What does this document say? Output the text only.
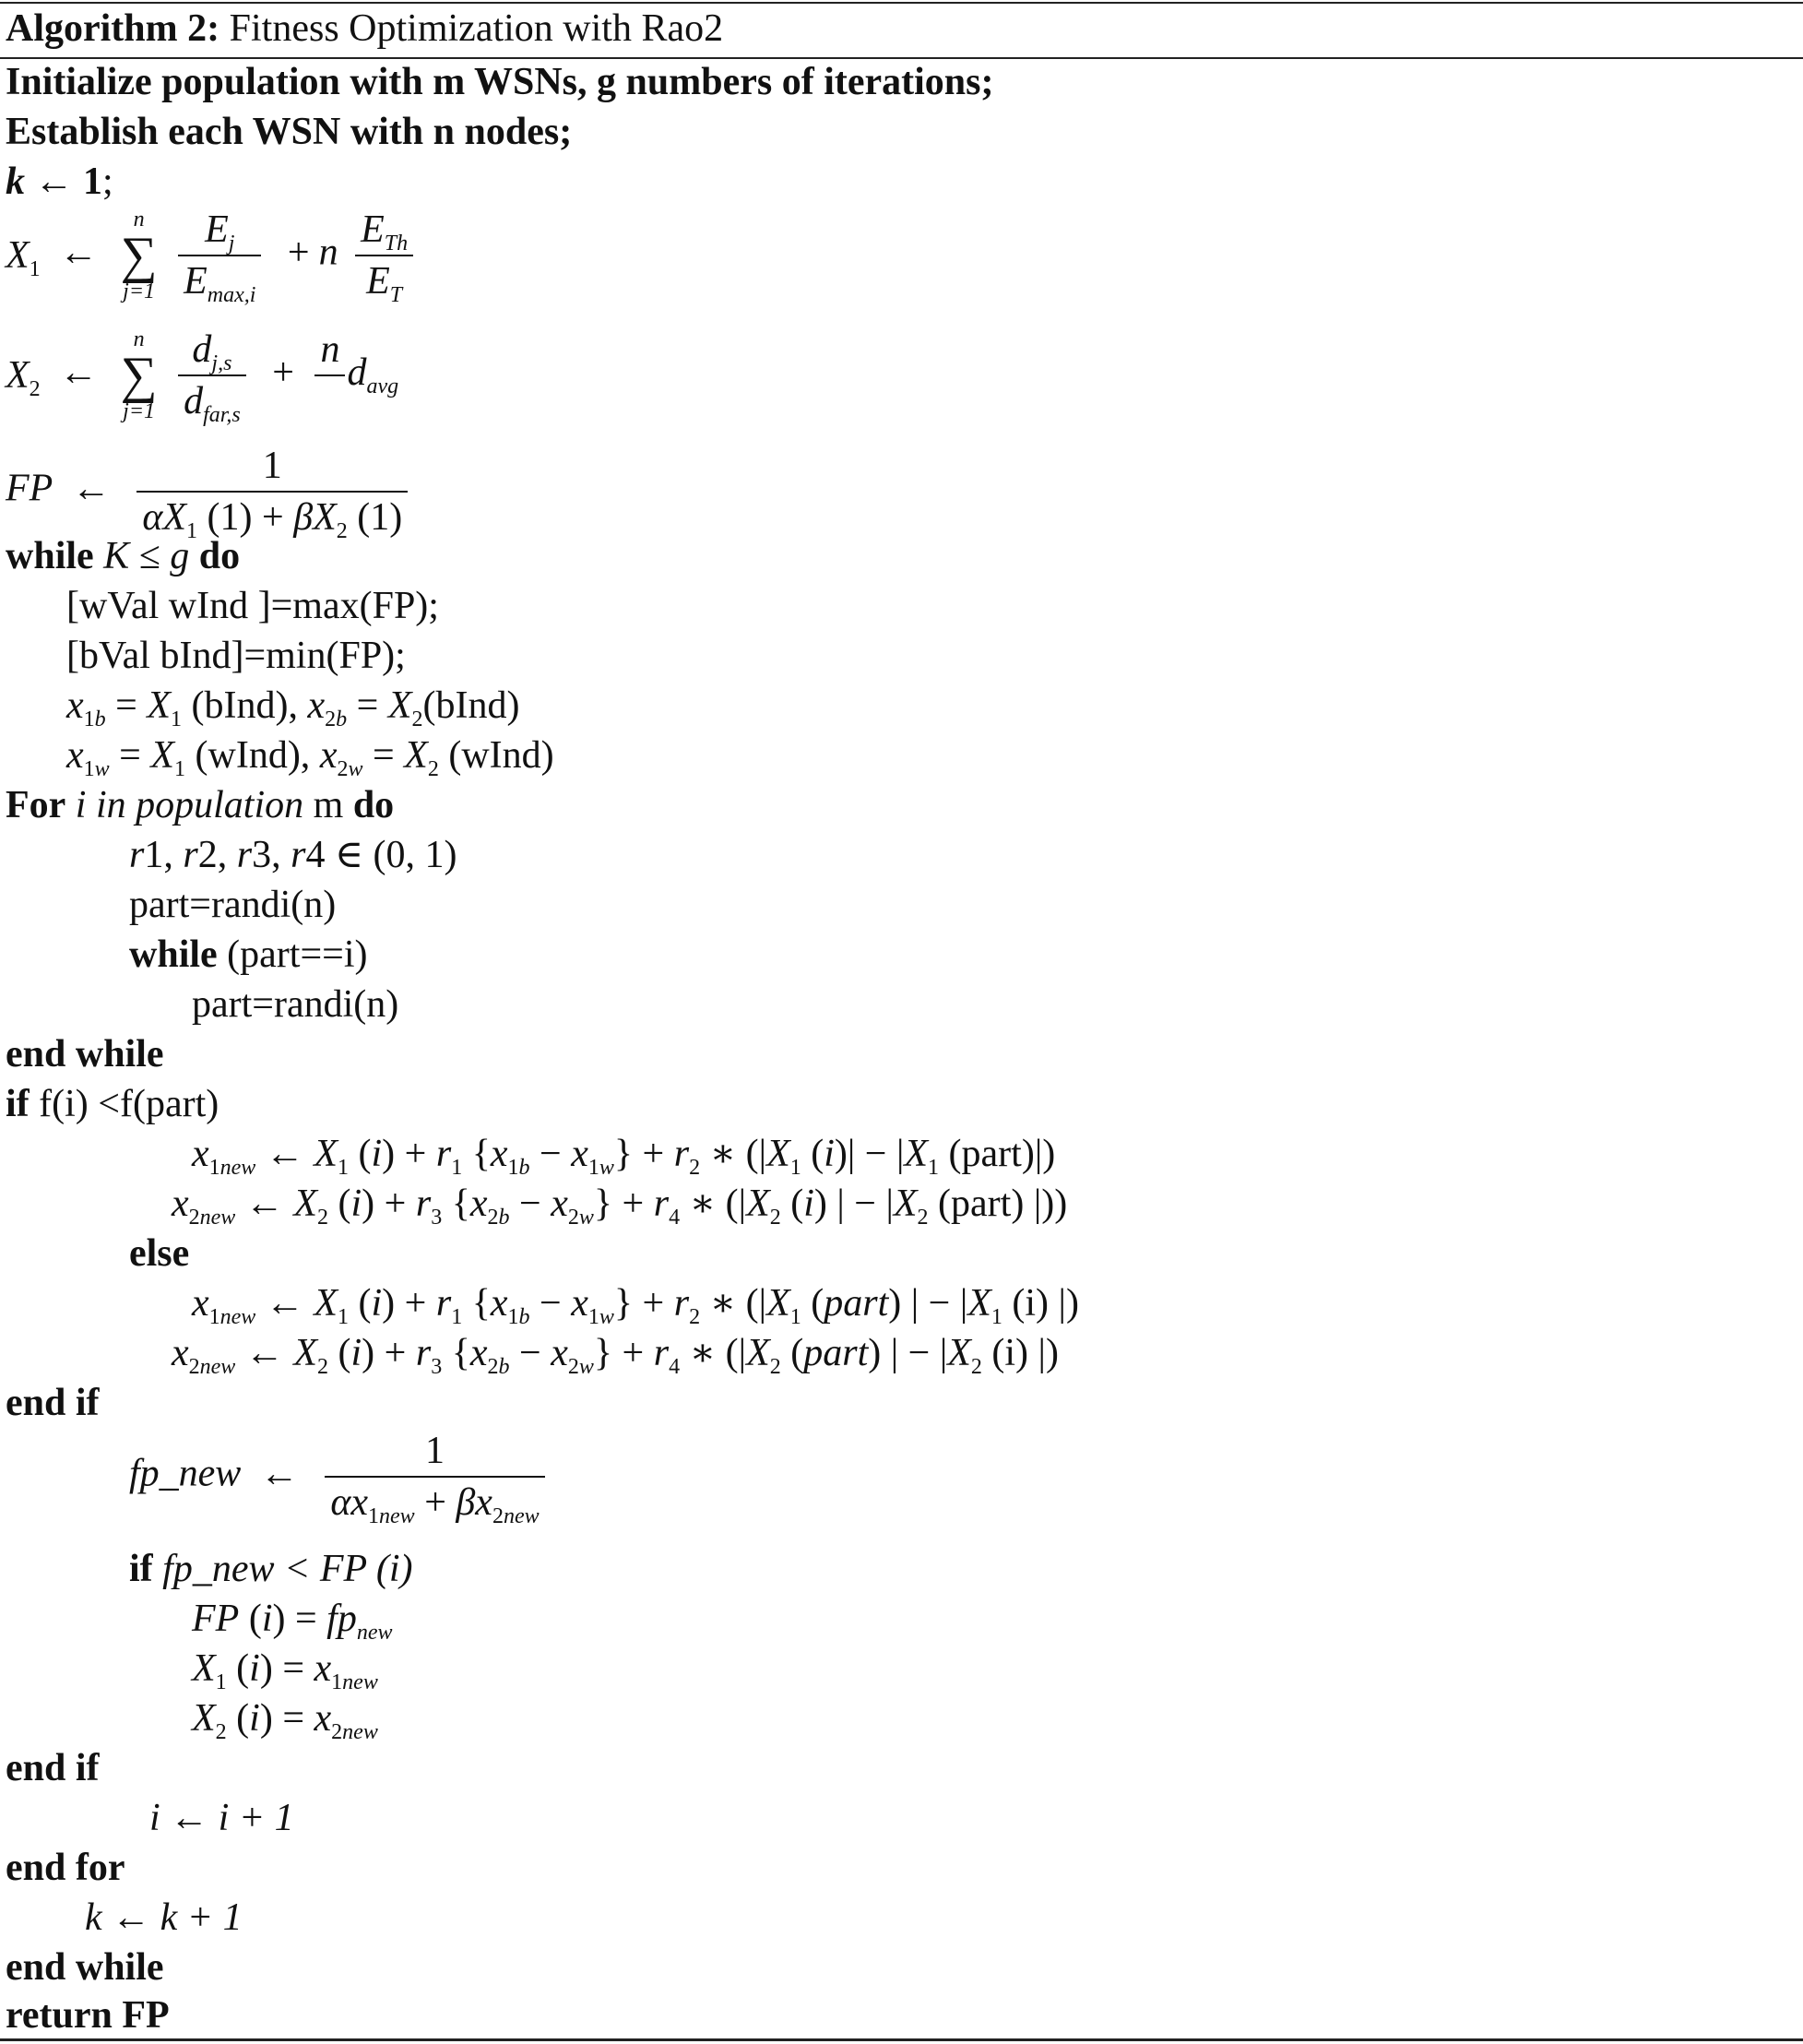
Algorithm 2: Fitness Optimization with Rao2
Initialize population with m WSNs, g numbers of iterations;
Establish each WSN with n nodes;
k ← 1;
$X_1$ ←
n
∑
j=1
$\frac{E_j}{E_{max,i}} + n \frac{E_{Th}}{E_T}$
$X_2$ ←
n
∑
j=1
$\frac{d_{j,s}}{d_{far,s}}$ +
n

$d_{avg}$
FP ← $\frac{1}{\alpha X_1 (1) + \beta X_2 (1)}$
while K ≤ g do
[wVal wInd ]=max(FP);
[bVal bInd]=min(FP);
$x_{1b} = X_1$ (bInd), $x_{2b}$ = $X_2(bInd)$
$x_{1w} = X_1$ (wInd), $x_{2w} = X_2$ (wInd)
For i in population m do
r1, r2, r3, r4 ∈ (0, 1)
part=randi(n)
while (part==i)
part=randi(n)
end while
if f(i) <f(part)
$x_{1new}$ ← $X_1$ $(i) + r_1$ $\{x_{1b} - x_{1w}\} + r_2$ ∗ ($|X_1$ $(i)| - |X_1$ (part)|)
$x_{2new}$ ← $X_2$ $(i) + r_3$ $\{x_{2b} - x_{2w}\} + r_4$ ∗ ($|X_2$ (i) | − $|X_2$ (part) |))
else
$x_{1new}$ ← $X_1$ $(i) + r_1$ $\{x_{1b} - x_{1w}\} + r_2$ ∗ ($|X_1$ (part) | − $|X_1$ (i) |)
$x_{2new}$ ← $X_2$ $(i) + r_3$ $\{x_{2b} - x_{2w}\} + r_4$ ∗ ($|X_2$ (part) | − $|X_2$ (i) |)
end if
fp_new ← $\frac{1}{\alpha x_{1new} + \beta x_{2new}}$
if fp_new < FP (i)
FP $(i) = fp_{new}$
$X_1$ $(i) = x_{1new}$
$X_2$ $(i) = x_{2new}$
end if
i ← i + 1
end for
k ← k + 1
end while
return FP
